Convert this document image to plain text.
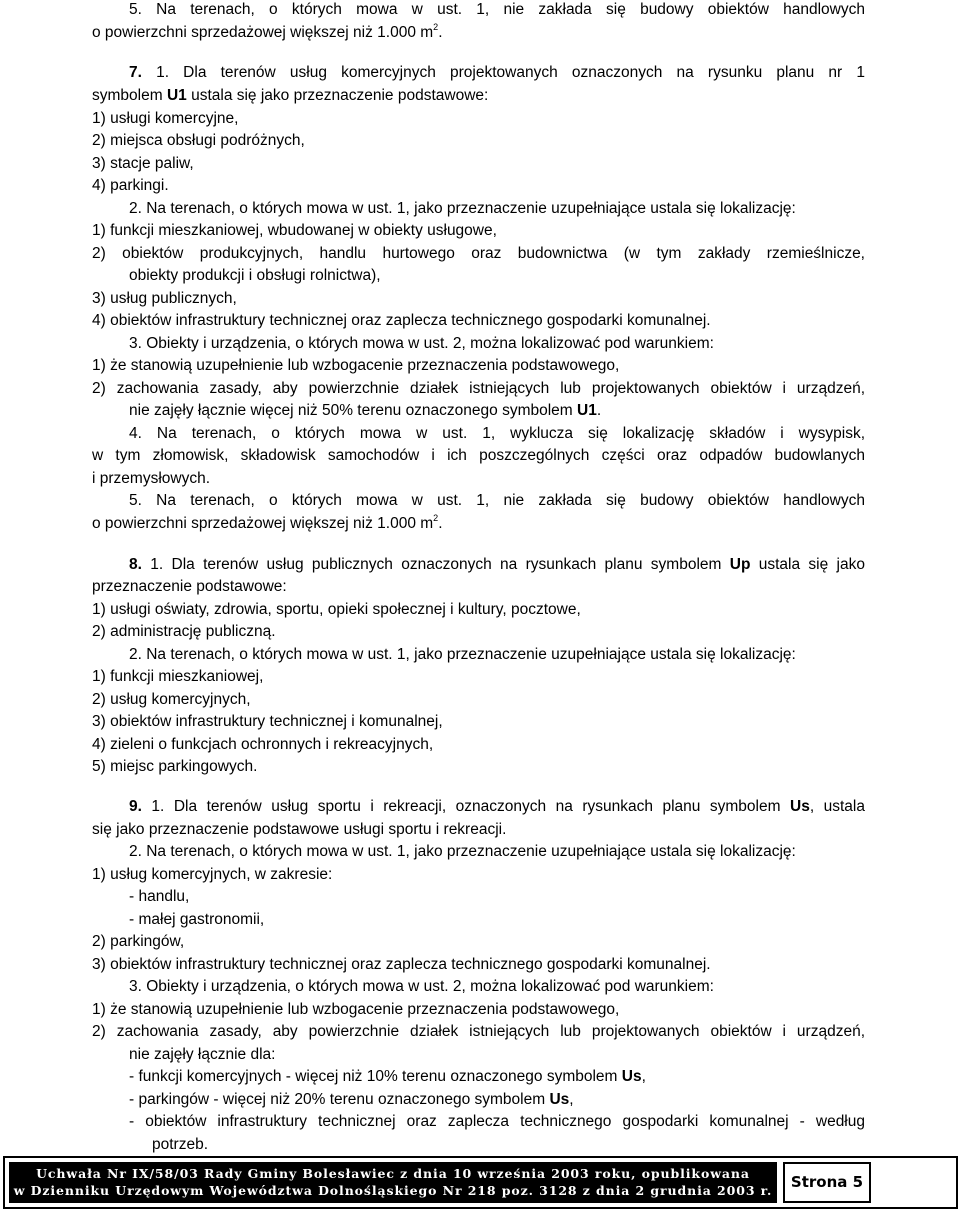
5. Na terenach, o których mowa w ust. 1, nie zakłada się budowy obiektów handlowych
o powierzchni sprzedażowej większej niż 1.000 $m^2$.
7. 1. Dla terenów usług komercyjnych projektowanych oznaczonych na rysunku planu nr 1
symbolem U1 ustala się jako przeznaczenie podstawowe:
1) usługi komercyjne,
2) miejsca obsługi podróżnych,
3) stacje paliw,
4) parkingi.
2. Na terenach, o których mowa w ust. 1, jako przeznaczenie uzupełniające ustala się lokalizację:
1) funkcji mieszkaniowej, wbudowanej w obiekty usługowe,
2) obiektów produkcyjnych, handlu hurtowego oraz budownictwa (w tym zakłady rzemieślnicze,
obiekty produkcji i obsługi rolnictwa),
3) usług publicznych,
4) obiektów infrastruktury technicznej oraz zaplecza technicznego gospodarki komunalnej.
3. Obiekty i urządzenia, o których mowa w ust. 2, można lokalizować pod warunkiem:
1) że stanowią uzupełnienie lub wzbogacenie przeznaczenia podstawowego,
2) zachowania zasady, aby powierzchnie działek istniejących lub projektowanych obiektów i urządzeń,
nie zajęły łącznie więcej niż 50% terenu oznaczonego symbolem U1.
4. Na terenach, o których mowa w ust. 1, wyklucza się lokalizację składów i wysypisk,
w tym złomowisk, składowisk samochodów i ich poszczególnych części oraz odpadów budowlanych
i przemysłowych.
5. Na terenach, o których mowa w ust. 1, nie zakłada się budowy obiektów handlowych
o powierzchni sprzedażowej większej niż 1.000 $m^2$.
8. 1. Dla terenów usług publicznych oznaczonych na rysunkach planu symbolem Up ustala się jako
przeznaczenie podstawowe:
1) usługi oświaty, zdrowia, sportu, opieki społecznej i kultury, pocztowe,
2) administrację publiczną.
2. Na terenach, o których mowa w ust. 1, jako przeznaczenie uzupełniające ustala się lokalizację:
1) funkcji mieszkaniowej,
2) usług komercyjnych,
3) obiektów infrastruktury technicznej i komunalnej,
4) zieleni o funkcjach ochronnych i rekreacyjnych,
5) miejsc parkingowych.
9. 1. Dla terenów usług sportu i rekreacji, oznaczonych na rysunkach planu symbolem Us, ustala
się jako przeznaczenie podstawowe usługi sportu i rekreacji.
2. Na terenach, o których mowa w ust. 1, jako przeznaczenie uzupełniające ustala się lokalizację:
1) usług komercyjnych, w zakresie:
- handlu,
- małej gastronomii,
2) parkingów,
3) obiektów infrastruktury technicznej oraz zaplecza technicznego gospodarki komunalnej.
3. Obiekty i urządzenia, o których mowa w ust. 2, można lokalizować pod warunkiem:
1) że stanowią uzupełnienie lub wzbogacenie przeznaczenia podstawowego,
2) zachowania zasady, aby powierzchnie działek istniejących lub projektowanych obiektów i urządzeń,
nie zajęły łącznie dla:
- funkcji komercyjnych - więcej niż 10% terenu oznaczonego symbolem Us,
- parkingów - więcej niż 20% terenu oznaczonego symbolem Us,
- obiektów infrastruktury technicznej oraz zaplecza technicznego gospodarki komunalnej - według
potrzeb.
Uchwała Nr IX/58/03 Rady Gminy Bolesławiec z dnia 10 września 2003 roku, opublikowana
w Dzienniku Urzędowym Województwa Dolnośląskiego Nr 218 poz. 3128 z dnia 2 grudnia 2003 r.	Strona 5
